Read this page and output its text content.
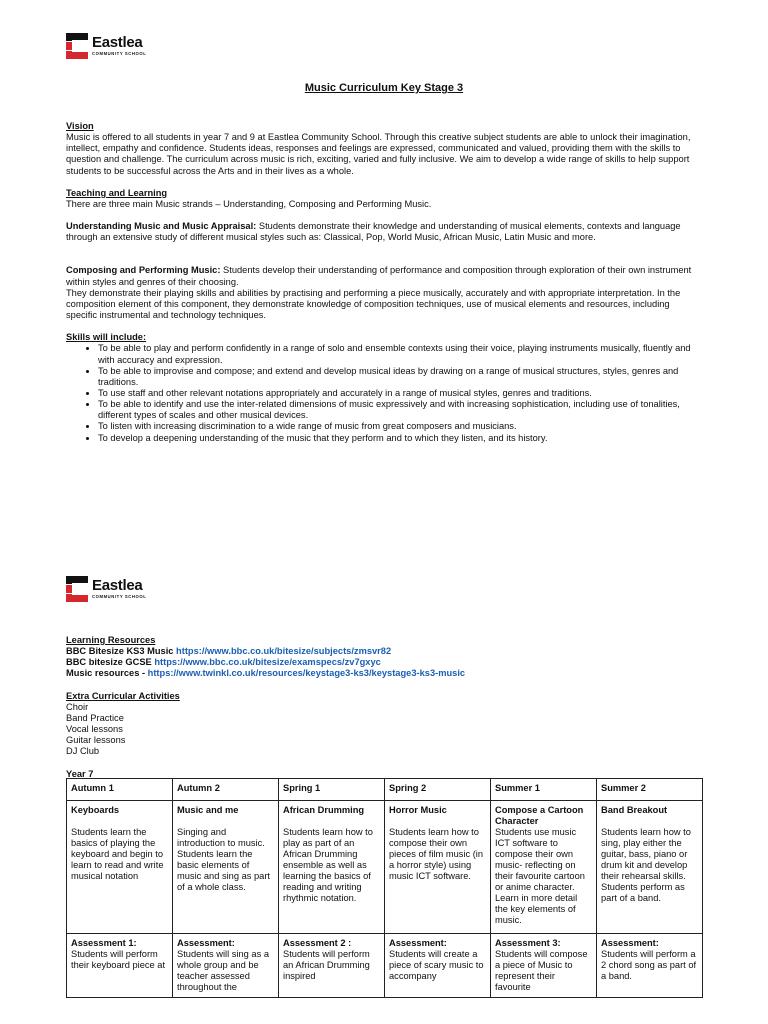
Eastlea
COMMUNITY SCHOOL
Music Curriculum Key Stage 3
Vision

Music is offered to all students in year 7 and 9 at Eastlea Community School. Through this creative subject students are able to unlock their imagination, intellect, empathy and confidence. Students ideas, responses and feelings are expressed, communicated and valued, providing them with the skills to question and challenge. The curriculum across music is rich, exciting, varied and fully inclusive. We aim to develop a wide range of skills to help support students to be successful across the Arts and in their lives as a whole.

Teaching and Learning

There are three main Music strands – Understanding, Composing and Performing Music.

Understanding Music and Music Appraisal: Students demonstrate their knowledge and understanding of musical elements, contexts and language through an extensive study of different musical styles such as: Classical, Pop, World Music, African Music, Latin Music and more.

Composing and Performing Music: Students develop their understanding of performance and composition through exploration of their own instrument within styles and genres of their choosing.

They demonstrate their playing skills and abilities by practising and performing a piece musically, accurately and with appropriate interpretation. In the composition element of this component, they demonstrate knowledge of composition techniques, use of musical elements and resources, including specific instrumental and technology techniques.

Skills will include:
• To be able to play and perform confidently in a range of solo and ensemble contexts using their voice, playing instruments musically, fluently and with accuracy and expression.
• To be able to improvise and compose; and extend and develop musical ideas by drawing on a range of musical structures, styles, genres and traditions.
• To use staff and other relevant notations appropriately and accurately in a range of musical styles, genres and traditions.
• To be able to identify and use the inter-related dimensions of music expressively and with increasing sophistication, including use of tonalities, different types of scales and other musical devices.
• To listen with increasing discrimination to a wide range of music from great composers and musicians.
• To develop a deepening understanding of the music that they perform and to which they listen, and its history.
Eastlea
COMMUNITY SCHOOL
Learning Resources

BBC Bitesize KS3 Music https://www.bbc.co.uk/bitesize/subjects/zmsvr82

BBC bitesize GCSE https://www.bbc.co.uk/bitesize/examspecs/zv7gxyc

Music resources - https://www.twinkl.co.uk/resources/keystage3-ks3/keystage3-ks3-music

Extra Curricular Activities

Choir

Band Practice

Vocal lessons

Guitar lessons

DJ Club

Year 7
Autumn 1	Autumn 2	Spring 1	Spring 2	Summer 1	Summer 2

Keyboards

Students learn the basics of playing the keyboard and begin to learn to read and write musical notation	Music and me

Singing and introduction to music.
Students learn the basic elements of music and sing as part of a whole class.	African Drumming

Students learn how to play as part of an African Drumming ensemble as well as learning the basics of reading and writing rhythmic notation.	Horror Music

Students learn how to compose their own pieces of film music (in a horror style) using music ICT software.	Compose a Cartoon Character
Students use music ICT software to compose their own music- reflecting on their favourite cartoon or anime character. Learn in more detail the key elements of music.	Band Breakout

Students learn how to sing, play either the guitar, bass, piano or drum kit and develop their rehearsal skills. Students perform as part of a band.

Assessment 1:
Students will perform their keyboard piece at	Assessment:
Students will sing as a whole group and be teacher assessed throughout the	Assessment 2 :
Students will perform an African Drumming inspired	Assessment:
Students will create a piece of scary music to accompany	Assessment 3:
Students will compose a piece of Music to represent their favourite	Assessment:
Students will perform a 2 chord song as part of a band.
